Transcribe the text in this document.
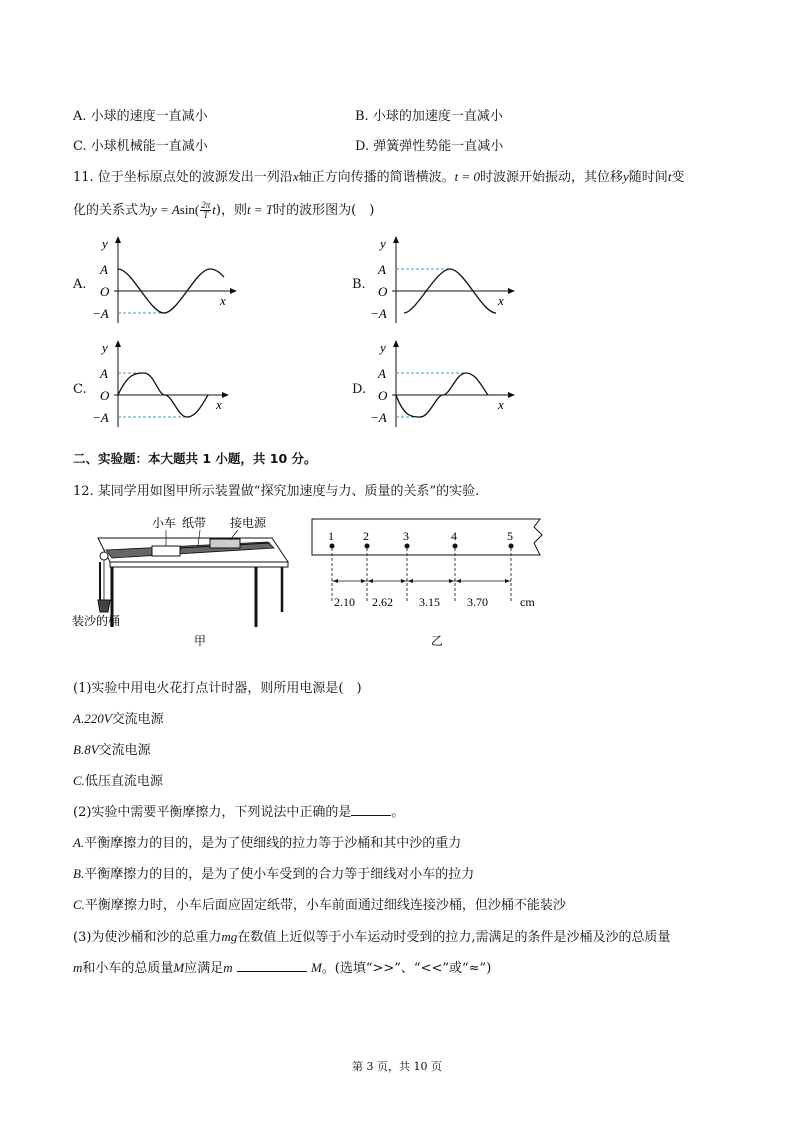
A. 小球的速度一直减小	B. 小球的加速度一直减小
C. 小球机械能一直减小	D. 弹簧弹性势能一直减小
11. 位于坐标原点处的波源发出一列沿x轴正方向传播的简谐横波。t = 0时波源开始振动，其位移y随时间t变
化的关系式为$y = Asin( \frac{2\pi}{T} t)$，则t = T时的波形图为(　)
A.
y
A
O
−A
x
B.
y
A
O
−A
x
C.
y
A
O
−A
x
D.
y
A
O
−A
x
二、实验题：本大题共 1 小题，共 10 分。
12. 某同学用如图甲所示装置做“探究加速度与力、质量的关系”的实验.
小车 纸带 接电源
装沙的桶
甲
1 2	3	4	5
2.10 2.62 3.15 3.70	cm
乙
(1)实验中用电火花打点计时器，则所用电源是(　)
A.220V交流电源
B.8V交流电源
C.低压直流电源
(2)实验中需要平衡摩擦力，下列说法中正确的是	。
A.平衡摩擦力的目的，是为了使细线的拉力等于沙桶和其中沙的重力
B.平衡摩擦力的目的，是为了使小车受到的合力等于细线对小车的拉力
C.平衡摩擦力时，小车后面应固定纸带，小车前面通过细线连接沙桶，但沙桶不能装沙
(3)为使沙桶和沙的总重力mg在数值上近似等于小车运动时受到的拉力,需满足的条件是沙桶及沙的总质量
m和小车的总质量M应满足m	M。(选填“>>”、“<<”或“≈”)
第 3 页，共 10 页
